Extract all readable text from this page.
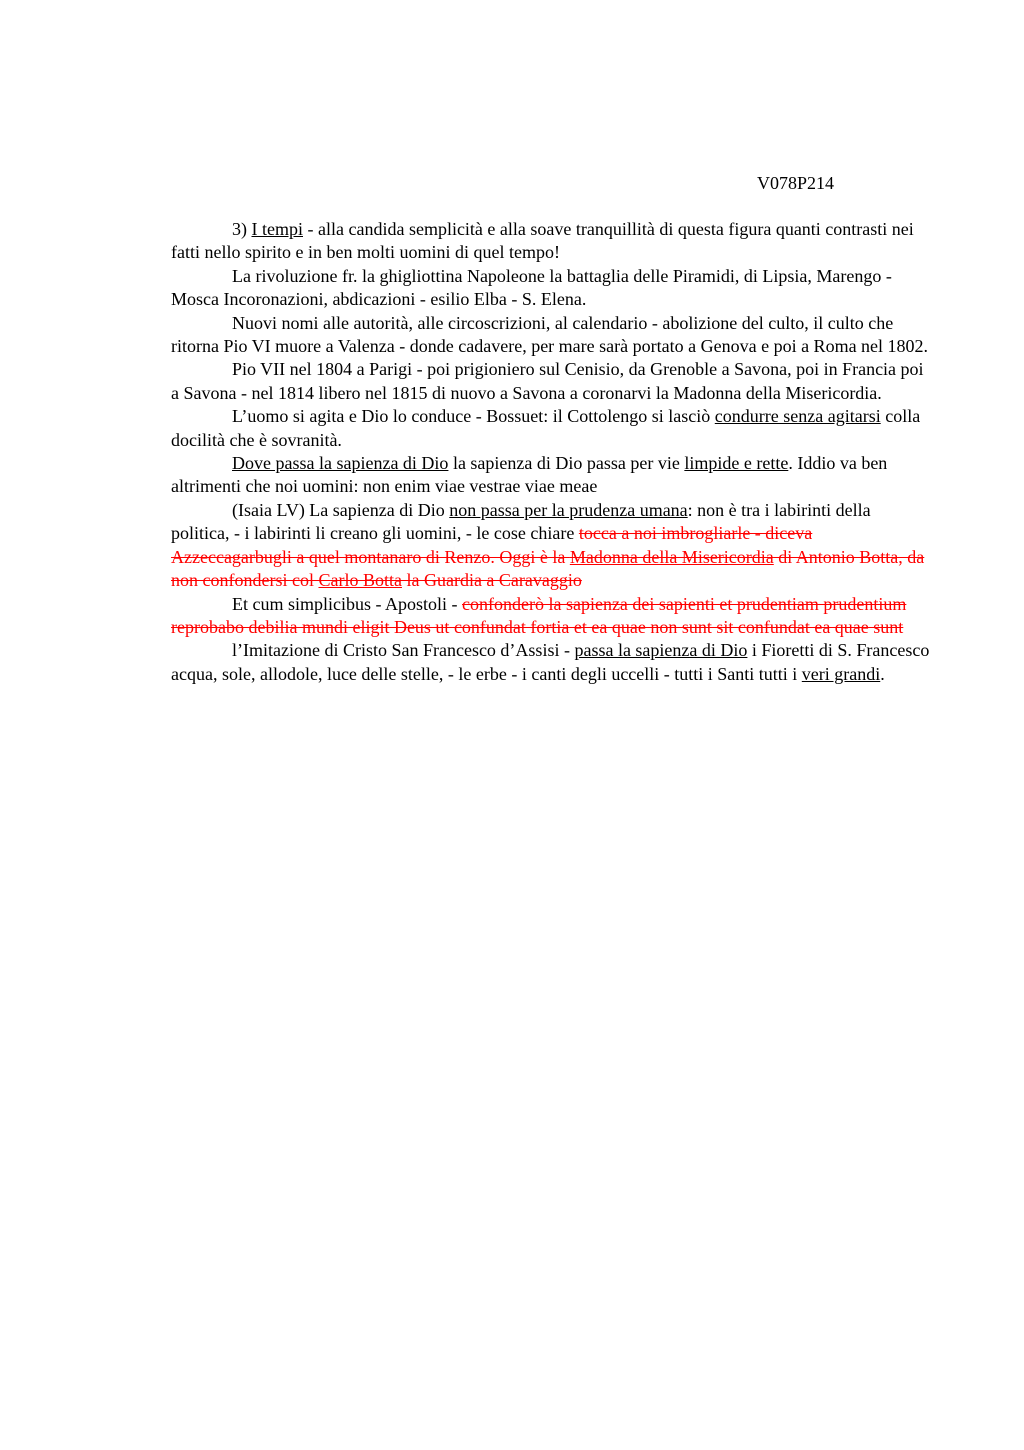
V078P214

3) I tempi - alla candida semplicità e alla soave tranquillità di questa figura quanti contrasti nei fatti nello spirito e in ben molti uomini di quel tempo!

La rivoluzione fr. la ghigliottina Napoleone la battaglia delle Piramidi, di Lipsia, Marengo - Mosca Incoronazioni, abdicazioni - esilio Elba - S. Elena.

Nuovi nomi alle autorità, alle circoscrizioni, al calendario - abolizione del culto, il culto che ritorna Pio VI muore a Valenza - donde cadavere, per mare sarà portato a Genova e poi a Roma nel 1802.

Pio VII nel 1804 a Parigi - poi prigioniero sul Cenisio, da Grenoble a Savona, poi in Francia poi a Savona - nel 1814 libero nel 1815 di nuovo a Savona a coronarvi la Madonna della Misericordia.

L’uomo si agita e Dio lo conduce - Bossuet: il Cottolengo si lasciò condurre senza agitarsi colla docilità che è sovranità.

Dove passa la sapienza di Dio la sapienza di Dio passa per vie limpide e rette. Iddio va ben altrimenti che noi uomini: non enim viae vestrae viae meae

(Isaia LV) La sapienza di Dio non passa per la prudenza umana: non è tra i labirinti della politica, - i labirinti li creano gli uomini, - le cose chiare tocca a noi imbrogliarle - diceva Azzeccagarbugli a quel montanaro di Renzo. Oggi è la Madonna della Misericordia di Antonio Botta, da non confondersi col Carlo Botta la Guardia a Caravaggio

Et cum simplicibus - Apostoli - confonderò la sapienza dei sapienti et prudentiam prudentium reprobabo debilia mundi eligit Deus ut confundat fortia et ea quae non sunt sit confundat ea quae sunt

l’Imitazione di Cristo San Francesco d’Assisi - passa la sapienza di Dio i Fioretti di S. Francesco acqua, sole, allodole, luce delle stelle, - le erbe - i canti degli uccelli - tutti i Santi tutti i veri grandi.
